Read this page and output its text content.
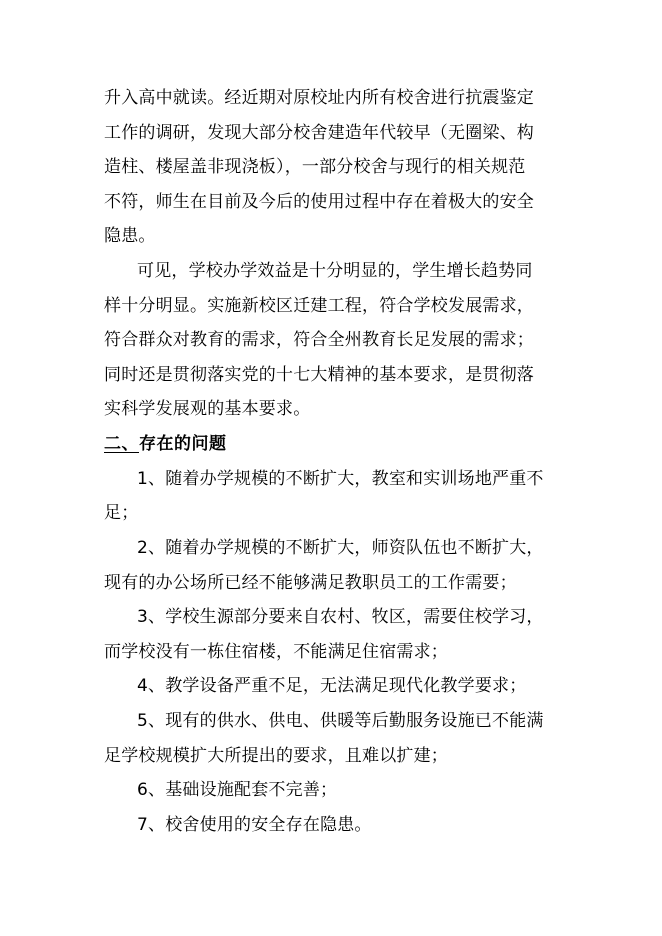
升入高中就读。经近期对原校址内所有校舍进行抗震鉴定

工作的调研，发现大部分校舍建造年代较早（无圈梁、构

造柱、楼屋盖非现浇板），一部分校舍与现行的相关规范

不符，师生在目前及今后的使用过程中存在着极大的安全

隐患。

可见，学校办学效益是十分明显的，学生增长趋势同

样十分明显。实施新校区迁建工程，符合学校发展需求，

符合群众对教育的需求，符合全州教育长足发展的需求；

同时还是贯彻落实党的十七大精神的基本要求，是贯彻落

实科学发展观的基本要求。

二、存在的问题

1、随着办学规模的不断扩大，教室和实训场地严重不

足；

2、随着办学规模的不断扩大，师资队伍也不断扩大，

现有的办公场所已经不能够满足教职员工的工作需要；

3、学校生源部分要来自农村、牧区，需要住校学习，

而学校没有一栋住宿楼，不能满足住宿需求；

4、教学设备严重不足，无法满足现代化教学要求；

5、现有的供水、供电、供暖等后勤服务设施已不能满

足学校规模扩大所提出的要求，且难以扩建；

6、基础设施配套不完善；

7、校舍使用的安全存在隐患。
